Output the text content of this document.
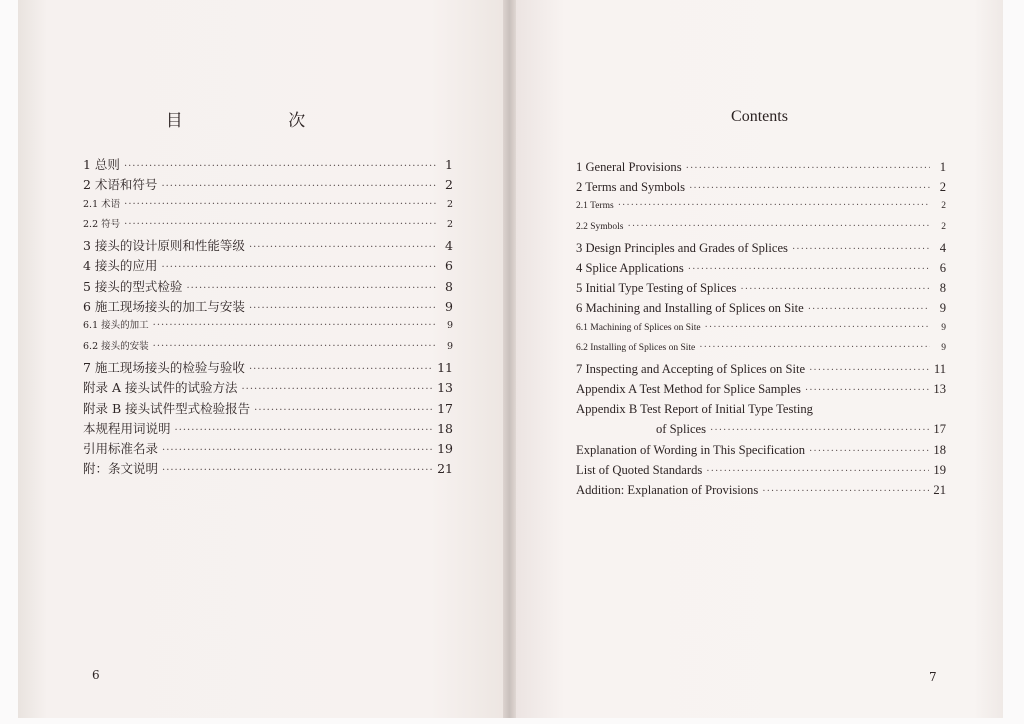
目 次
1 总则 ·····	1
2 术语和符号 ·····	2
2.1 术语 ·····	2
2.2 符号 ·····	2
3 接头的设计原则和性能等级 ·····	4
4 接头的应用 ·····	6
5 接头的型式检验 ·····	8
6 施工现场接头的加工与安装 ·····	9
6.1 接头的加工 ·····	9
6.2 接头的安装 ·····	9
7 施工现场接头的检验与验收 ·····	11
附录 A 接头试件的试验方法 ·····	13
附录 B 接头试件型式检验报告 ·····	17
本规程用词说明 ·····	18
引用标准名录 ·····	19
附：条文说明 ·····	21
6
Contents
1 General Provisions ·····	1
2 Terms and Symbols ·····	2
2.1 Terms ·····	2
2.2 Symbols ·····	2
3 Design Principles and Grades of Splices ·····	4
4 Splice Applications ·····	6
5 Initial Type Testing of Splices ·····	8
6 Machining and Installing of Splices on Site ·····	9
6.1 Machining of Splices on Site ·····	9
6.2 Installing of Splices on Site ·····	9
7 Inspecting and Accepting of Splices on Site ·····	11
Appendix A Test Method for Splice Samples ·····	13
Appendix B Test Report of Initial Type Testing
of Splices ·····	17
Explanation of Wording in This Specification ·····	18
List of Quoted Standards ·····	19
Addition: Explanation of Provisions ·····	21
7
